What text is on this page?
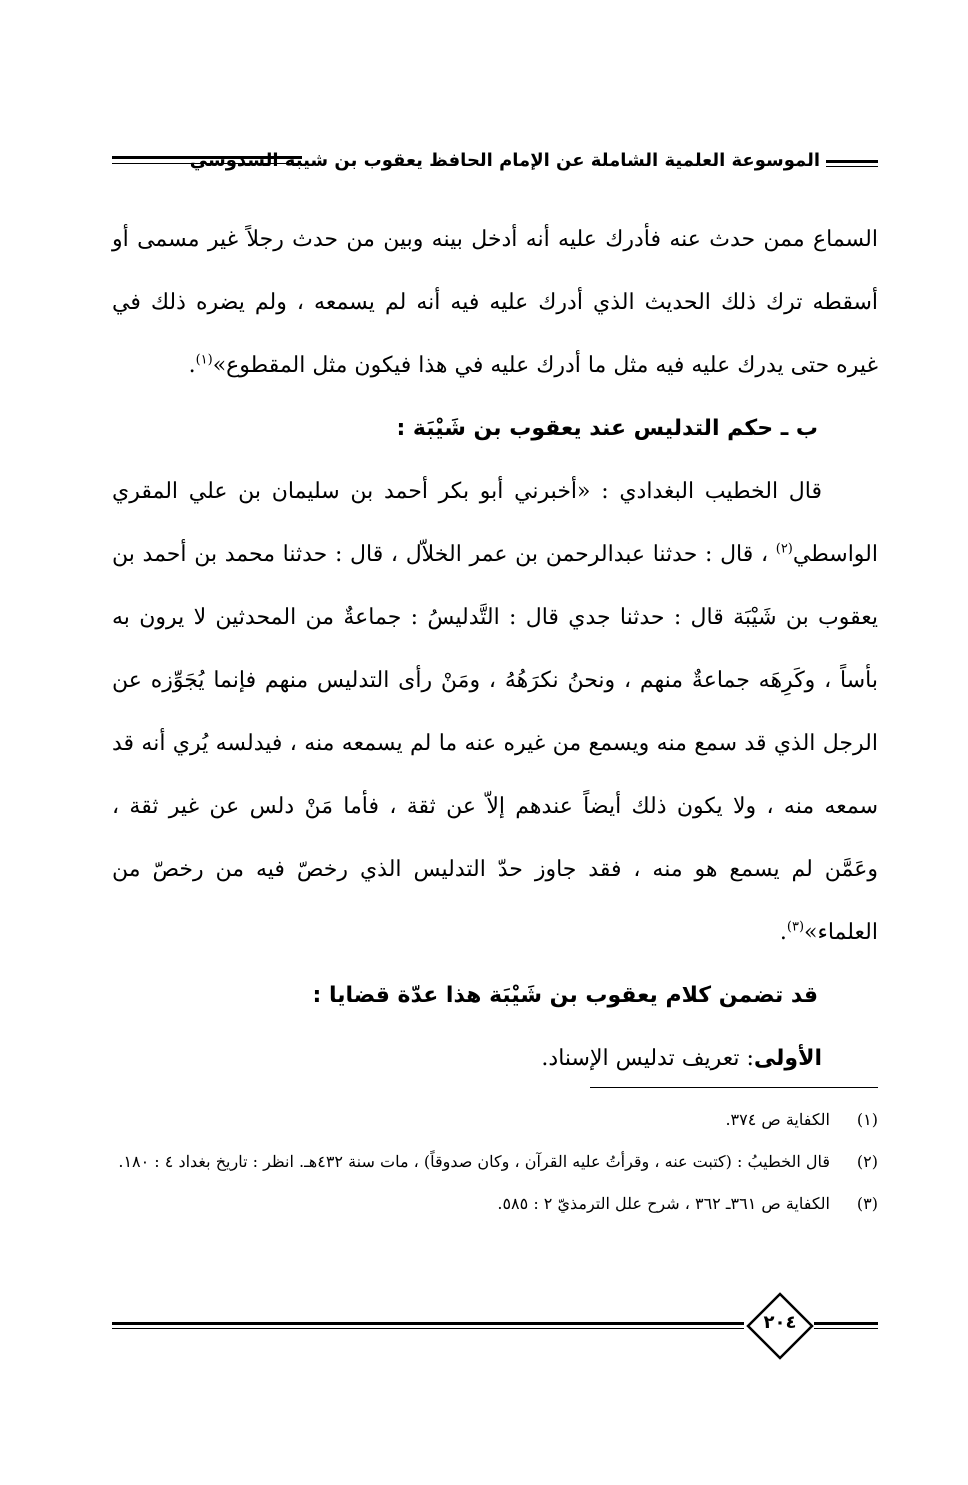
الموسوعة العلمية الشاملة عن الإمام الحافظ يعقوب بن شيبة السدوسي

السماع ممن حدث عنه فأدرك عليه أنه أدخل بينه وبين من حدث رجلاً غير مسمى أو أسقطه ترك ذلك الحديث الذي أدرك عليه فيه أنه لم يسمعه ، ولم يضره ذلك في غيره حتى يدرك عليه فيه مثل ما أدرك عليه في هذا فيكون مثل المقطوع»$^{(١)}$.

ب ـ حكم التدليس عند يعقوب بن شَيْبَة :

قال الخطيب البغدادي : «أخبرني أبو بكر أحمد بن سليمان بن علي المقري الواسطي$^{(٢)}$ ، قال : حدثنا عبدالرحمن بن عمر الخلاّل ، قال : حدثنا محمد بن أحمد بن يعقوب بن شَيْبَة قال : حدثنا جدي قال : التَّدليسُ : جماعةٌ من المحدثين لا يرون به بأساً ، وكَرِهَه جماعةٌ منهم ، ونحنُ نكرَهُهُ ، ومَنْ رأى التدليس منهم فإنما يُجَوِّزه عن الرجل الذي قد سمع منه ويسمع من غيره عنه ما لم يسمعه منه ، فيدلسه يُري أنه قد سمعه منه ، ولا يكون ذلك أيضاً عندهم إلاّ عن ثقة ، فأما مَنْ دلس عن غير ثقة ، وعَمَّن لم يسمع هو منه ، فقد جاوز حدّ التدليس الذي رخصّ فيه من رخصّ من العلماء»$^{(٣)}$.

قد تضمن كلام يعقوب بن شَيْبَة هذا عدّة قضايا :

الأولى: تعريف تدليس الإسناد.

(١)
الكفاية ص ٣٧٤.
(٢)
قال الخطيبُ : (كتبت عنه ، وقرأتُ عليه القرآن ، وكان صدوقاً) ، مات سنة ٤٣٢هـ. انظر : تاريخ بغداد ٤ : ١٨٠.
(٣)
الكفاية ص ٣٦١ـ ٣٦٢ ، شرح علل الترمذيّ ٢ : ٥٨٥.
٢٠٤
